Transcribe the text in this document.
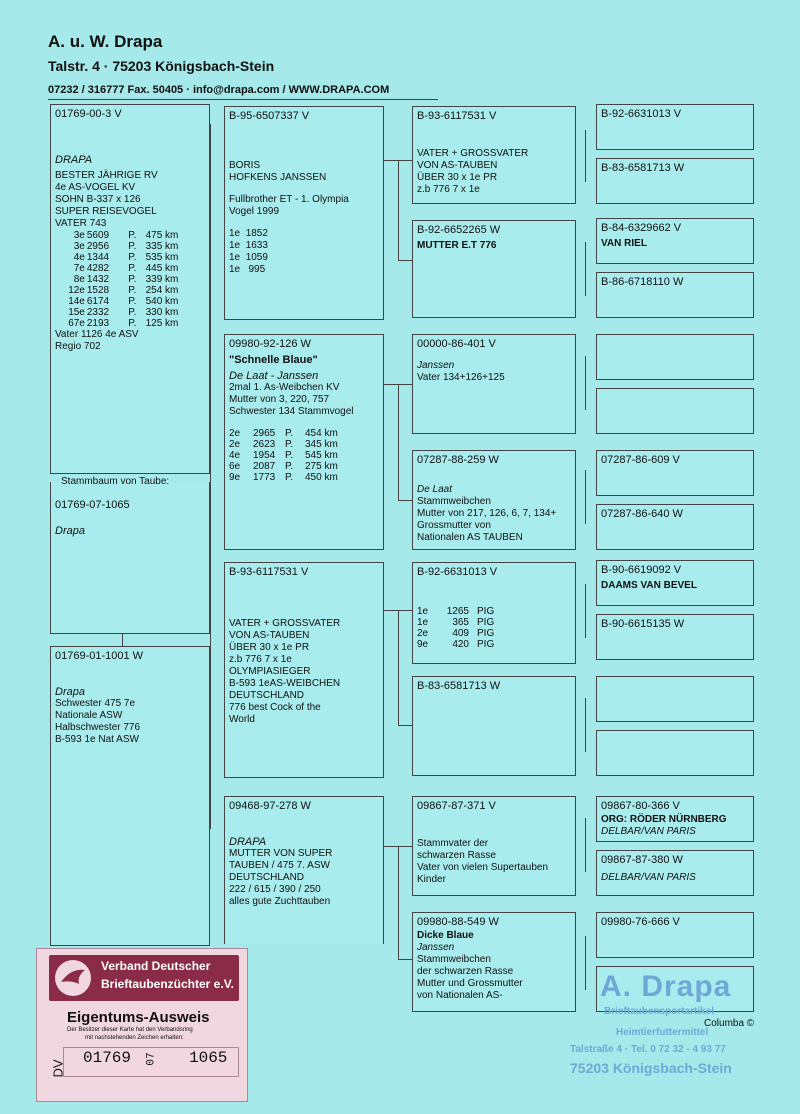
A. u. W. Drapa
Talstr. 4 · 75203 Königsbach-Stein
07232 / 316777 Fax. 50405 · info@drapa.com / WWW.DRAPA.COM
01769-00-3 V
DRAPA
BESTER JÄHRIGE RV
4e AS-VOGEL KV
SOHN B-337 x 126
SUPER REISEVOGEL
VATER 743
3e	5609	P.	475 km
3e	2956	P.	335 km
4e	1344	P.	535 km
7e	4282	P.	445 km
8e	1432	P.	339 km
12e	1528	P.	254 km
14e	6174	P.	540 km
15e	2332	P.	330 km
67e	2193	P.	125 km
Vater 1126 4e ASV
Regio 702
Stammbaum von Taube:
01769-07-1065
Drapa
01769-01-1001 W
Drapa
Schwester 475 7e
Nationale ASW
Halbschwester 776
B-593 1e Nat ASW
B-95-6507337 V
BORIS
HOFKENS JANSSEN
Fullbrother ET - 1. Olympia
Vogel 1999
1e 1852
1e 1633
1e 1059
1e 995
09980-92-126 W
"Schnelle Blaue"
De Laat - Janssen
2mal 1. As-Weibchen KV
Mutter von 3, 220, 757
Schwester 134 Stammvogel
2e	2965	P.	454 km
2e	2623	P.	345 km
4e	1954	P.	545 km
6e	2087	P.	275 km
9e	1773	P.	450 km
B-93-6117531 V
VATER + GROSSVATER
VON AS-TAUBEN
ÜBER 30 x 1e PR
z.b 776 7 x 1e
OLYMPIASIEGER
B-593 1eAS-WEIBCHEN
DEUTSCHLAND
776 best Cock of the
World
09468-97-278 W
DRAPA
MUTTER VON SUPER
TAUBEN / 475 7. ASW
DEUTSCHLAND
222 / 615 / 390 / 250
alles gute Zuchttauben
B-93-6117531 V
VATER + GROSSVATER
VON AS-TAUBEN
ÜBER 30 x 1e PR
z.b 776 7 x 1e
B-92-6652265 W
MUTTER E.T 776
00000-86-401 V
Janssen
Vater 134+126+125
07287-88-259 W
De Laat
Stammweibchen
Mutter von 217, 126, 6, 7, 134+
Grossmutter von
Nationalen AS TAUBEN
B-92-6631013 V
1e	1265	PIG
1e	365	PIG
2e	409	PIG
9e	420	PIG
B-83-6581713 W
09867-87-371 V
Stammvater der
schwarzen Rasse
Vater von vielen Supertauben
Kinder
09980-88-549 W
Dicke Blaue
Janssen
Stammweibchen
der schwarzen Rasse
Mutter und Grossmutter
von Nationalen AS-
B-92-6631013 V
B-83-6581713 W
B-84-6329662 V
VAN RIEL
B-86-6718110 W
07287-86-609 V
07287-86-640 W
B-90-6619092 V
DAAMS VAN BEVEL
B-90-6615135 W
09867-80-366 V
ORG: RÖDER NÜRNBERG
DELBAR/VAN PARIS
09867-87-380 W
DELBAR/VAN PARIS
09980-76-666 V
A. Drapa
Brieftaubensportartikel
Heimtierfuttermittel
Columba ©
Talstraße 4 · Tel. 0 72 32 - 4 93 77
75203 Königsbach-Stein
Verband Deutscher
Brieftaubenzüchter e.V.
Eigentums-Ausweis
Der Besitzer dieser Karte hat den Verbandsring
mit nachstehenden Zeichen erhalten:
DV
01769 07 1065
